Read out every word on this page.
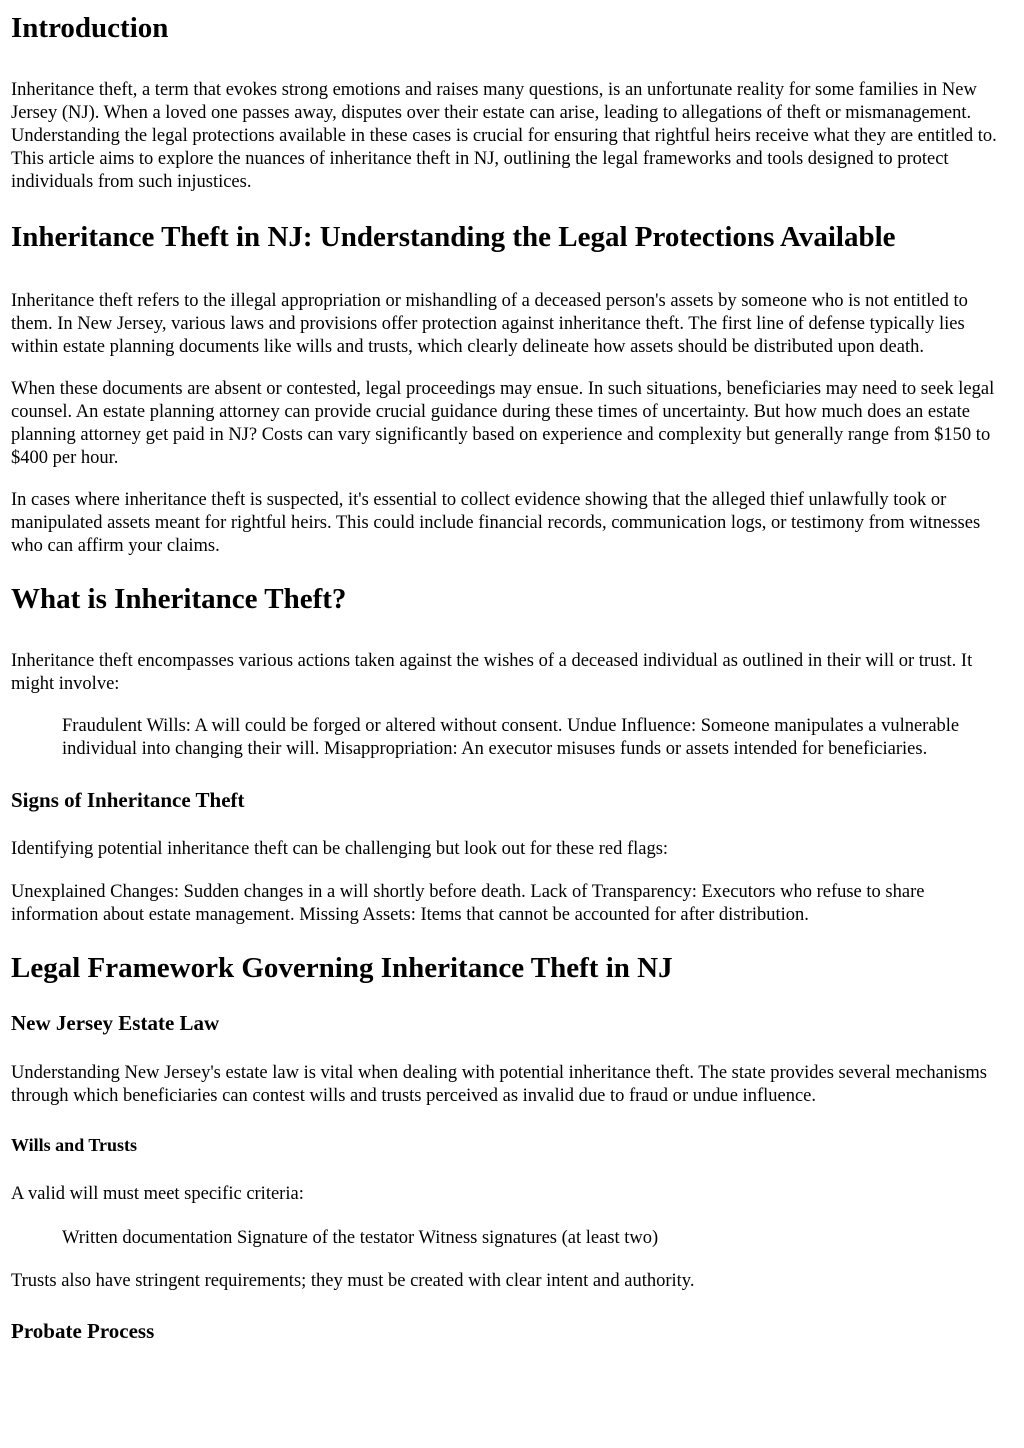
Introduction

Inheritance theft, a term that evokes strong emotions and raises many questions, is an unfortunate reality for some families in New Jersey (NJ). When a loved one passes away, disputes over their estate can arise, leading to allegations of theft or mismanagement. Understanding the legal protections available in these cases is crucial for ensuring that rightful heirs receive what they are entitled to. This article aims to explore the nuances of inheritance theft in NJ, outlining the legal frameworks and tools designed to protect individuals from such injustices.

Inheritance Theft in NJ: Understanding the Legal Protections Available

Inheritance theft refers to the illegal appropriation or mishandling of a deceased person's assets by someone who is not entitled to them. In New Jersey, various laws and provisions offer protection against inheritance theft. The first line of defense typically lies within estate planning documents like wills and trusts, which clearly delineate how assets should be distributed upon death.

When these documents are absent or contested, legal proceedings may ensue. In such situations, beneficiaries may need to seek legal counsel. An estate planning attorney can provide crucial guidance during these times of uncertainty. But how much does an estate planning attorney get paid in NJ? Costs can vary significantly based on experience and complexity but generally range from $150 to $400 per hour.

In cases where inheritance theft is suspected, it's essential to collect evidence showing that the alleged thief unlawfully took or manipulated assets meant for rightful heirs. This could include financial records, communication logs, or testimony from witnesses who can affirm your claims.

What is Inheritance Theft?

Inheritance theft encompasses various actions taken against the wishes of a deceased individual as outlined in their will or trust. It might involve:

Fraudulent Wills: A will could be forged or altered without consent. Undue Influence: Someone manipulates a vulnerable individual into changing their will. Misappropriation: An executor misuses funds or assets intended for beneficiaries.
Signs of Inheritance Theft

Identifying potential inheritance theft can be challenging but look out for these red flags:

Unexplained Changes: Sudden changes in a will shortly before death. Lack of Transparency: Executors who refuse to share information about estate management. Missing Assets: Items that cannot be accounted for after distribution.

Legal Framework Governing Inheritance Theft in NJ
New Jersey Estate Law

Understanding New Jersey's estate law is vital when dealing with potential inheritance theft. The state provides several mechanisms through which beneficiaries can contest wills and trusts perceived as invalid due to fraud or undue influence.

Wills and Trusts

A valid will must meet specific criteria:

Written documentation Signature of the testator Witness signatures (at least two)

Trusts also have stringent requirements; they must be created with clear intent and authority.

Probate Process
